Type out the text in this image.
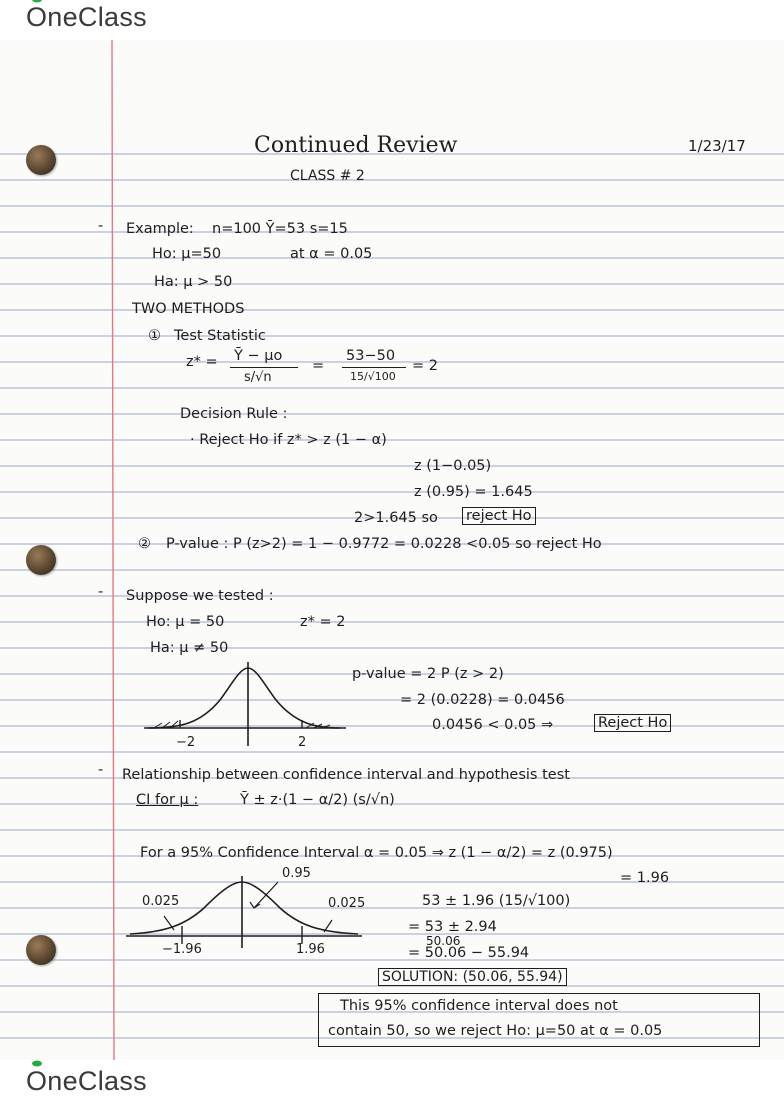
OneClass
Continued Review	1/23/17
CLASS # 2
- Example: n=100 Ȳ=53 s=15
Ho: μ=50	at α = 0.05
Ha: μ > 50
TWO METHODS
① Test Statistic
z* = Ȳ − μo
s/√n
=
53−50
15/√100
= 2
Decision Rule :
· Reject Ho if z* > z (1 − α)
z (1−0.05)
z (0.95) = 1.645
2>1.645 so reject Ho
② P-value : P (z>2) = 1 − 0.9772 = 0.0228 <0.05 so reject Ho
- Suppose we tested :
Ho: μ = 50	z* = 2
Ha: μ ≠ 50
p-value = 2 P (z > 2)
= 2 (0.0228) = 0.0456
0.0456 < 0.05 ⇒	Reject Ho
−2	2
- Relationship between confidence interval and hypothesis test
CI for μ :	Ȳ ± z·(1 − α/2) (s/√n)
For a 95% Confidence Interval α = 0.05 ⇒ z (1 − α/2) = z (0.975)
= 1.96
0.95
0.025	0.025
−1.96	1.96
53 ± 1.96 (15/√100)
= 53 ± 2.94
50.06
= 50.06 − 55.94
SOLUTION: (50.06, 55.94)
This 95% confidence interval does not
contain 50, so we reject Ho: μ=50 at α = 0.05
OneClass
